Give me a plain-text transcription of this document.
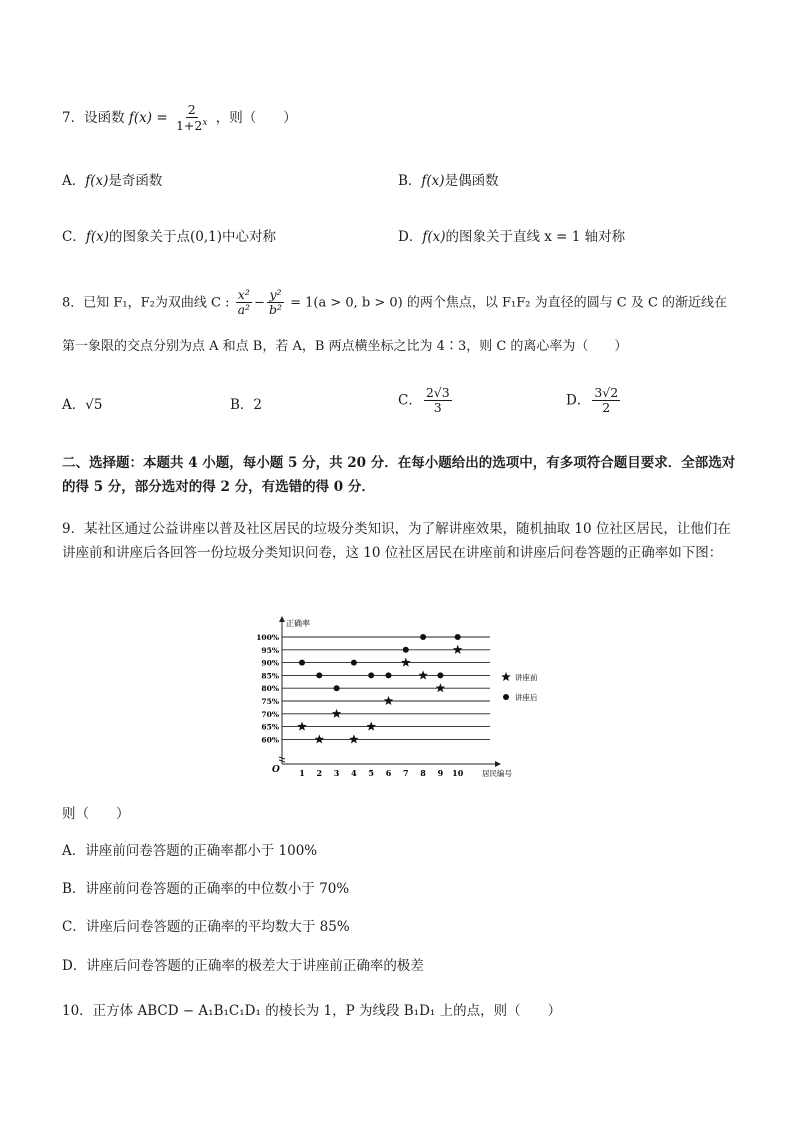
7．设函数 $f(x) = \frac{2}{1+2^x}$ ，则（　　）
A．f(x)是奇函数	B．f(x)是偶函数
C．f(x)的图象关于点(0,1)中心对称	D．f(x)的图象关于直线 x = 1 轴对称
8．已知 F₁，F₂为双曲线 C : $\frac{\text{x²}}{\text{a²}} - \frac{\text{y²}}{\text{b²}} = 1(a > 0$, b > 0) 的两个焦点，以 F₁F₂ 为直径的圆与 C 及 C 的渐近线在
第一象限的交点分别为点 A 和点 B，若 A，B 两点横坐标之比为 4∶3，则 C 的离心率为（　　）
A．√5	B．2	C． $\frac{2√3}{3}$	D． $\frac{3√2}{2}$
二、选择题：本题共 4 小题，每小题 5 分，共 20 分．在每小题给出的选项中，有多项符合题目要求．全部选对的得 5 分，部分选对的得 2 分，有选错的得 0 分．
9．某社区通过公益讲座以普及社区居民的垃圾分类知识，为了解讲座效果，随机抽取 10 位社区居民，让他们在讲座前和讲座后各回答一份垃圾分类知识问卷，这 10 位社区居民在讲座前和讲座后问卷答题的正确率如下图：
正确率
居民编号
O
60%
65%
70%
75%
80%
85%
90%
95%
100%
1 2 3 4 5 6 7 8 9 10
讲座前
讲座后
则（　　）
A．讲座前问卷答题的正确率都小于 100%
B．讲座前问卷答题的正确率的中位数小于 70%
C．讲座后问卷答题的正确率的平均数大于 85%
D．讲座后问卷答题的正确率的极差大于讲座前正确率的极差
10．正方体 ABCD − A₁B₁C₁D₁ 的棱长为 1，P 为线段 B₁D₁ 上的点，则（　　）
